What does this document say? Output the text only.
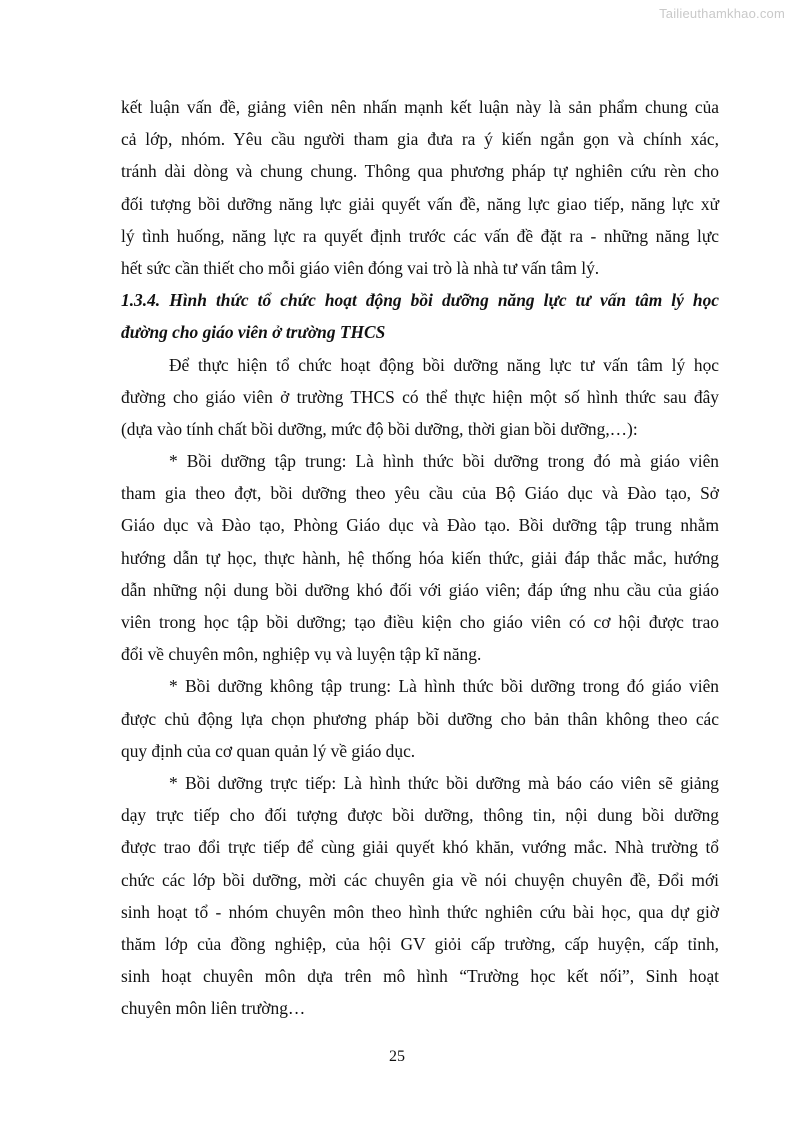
Tailieuthamkhao.com
kết luận vấn đề, giảng viên nên nhấn mạnh kết luận này là sản phẩm chung của
cả lớp, nhóm. Yêu cầu người tham gia đưa ra ý kiến ngắn gọn và chính xác,
tránh dài dòng và chung chung. Thông qua phương pháp tự nghiên cứu rèn cho
đối tượng bồi dưỡng năng lực giải quyết vấn đề, năng lực giao tiếp, năng lực xử
lý tình huống, năng lực ra quyết định trước các vấn đề đặt ra - những năng lực
hết sức cần thiết cho mỗi giáo viên đóng vai trò là nhà tư vấn tâm lý.
1.3.4. Hình thức tổ chức hoạt động bồi dưỡng năng lực tư vấn tâm lý học
đường cho giáo viên ở trường THCS
Để thực hiện tổ chức hoạt động bồi dưỡng năng lực tư vấn tâm lý học
đường cho giáo viên ở trường THCS có thể thực hiện một số hình thức sau đây
(dựa vào tính chất bồi dưỡng, mức độ bồi dưỡng, thời gian bồi dưỡng,…):
* Bồi dưỡng tập trung: Là hình thức bồi dưỡng trong đó mà giáo viên
tham gia theo đợt, bồi dưỡng theo yêu cầu của Bộ Giáo dục và Đào tạo, Sở
Giáo dục và Đào tạo, Phòng Giáo dục và Đào tạo. Bồi dưỡng tập trung nhằm
hướng dẫn tự học, thực hành, hệ thống hóa kiến thức, giải đáp thắc mắc, hướng
dẫn những nội dung bồi dưỡng khó đối với giáo viên; đáp ứng nhu cầu của giáo
viên trong học tập bồi dưỡng; tạo điều kiện cho giáo viên có cơ hội được trao
đổi về chuyên môn, nghiệp vụ và luyện tập kĩ năng.
* Bồi dưỡng không tập trung: Là hình thức bồi dưỡng trong đó giáo viên
được chủ động lựa chọn phương pháp bồi dưỡng cho bản thân không theo các
quy định của cơ quan quản lý về giáo dục.
* Bồi dưỡng trực tiếp: Là hình thức bồi dưỡng mà báo cáo viên sẽ giảng
dạy trực tiếp cho đối tượng được bồi dưỡng, thông tin, nội dung bồi dưỡng
được trao đổi trực tiếp để cùng giải quyết khó khăn, vướng mắc. Nhà trường tổ
chức các lớp bồi dưỡng, mời các chuyên gia về nói chuyện chuyên đề, Đổi mới
sinh hoạt tổ - nhóm chuyên môn theo hình thức nghiên cứu bài học, qua dự giờ
thăm lớp của đồng nghiệp, của hội GV giỏi cấp trường, cấp huyện, cấp tỉnh,
sinh hoạt chuyên môn dựa trên mô hình “Trường học kết nối”, Sinh hoạt
chuyên môn liên trường…
25
